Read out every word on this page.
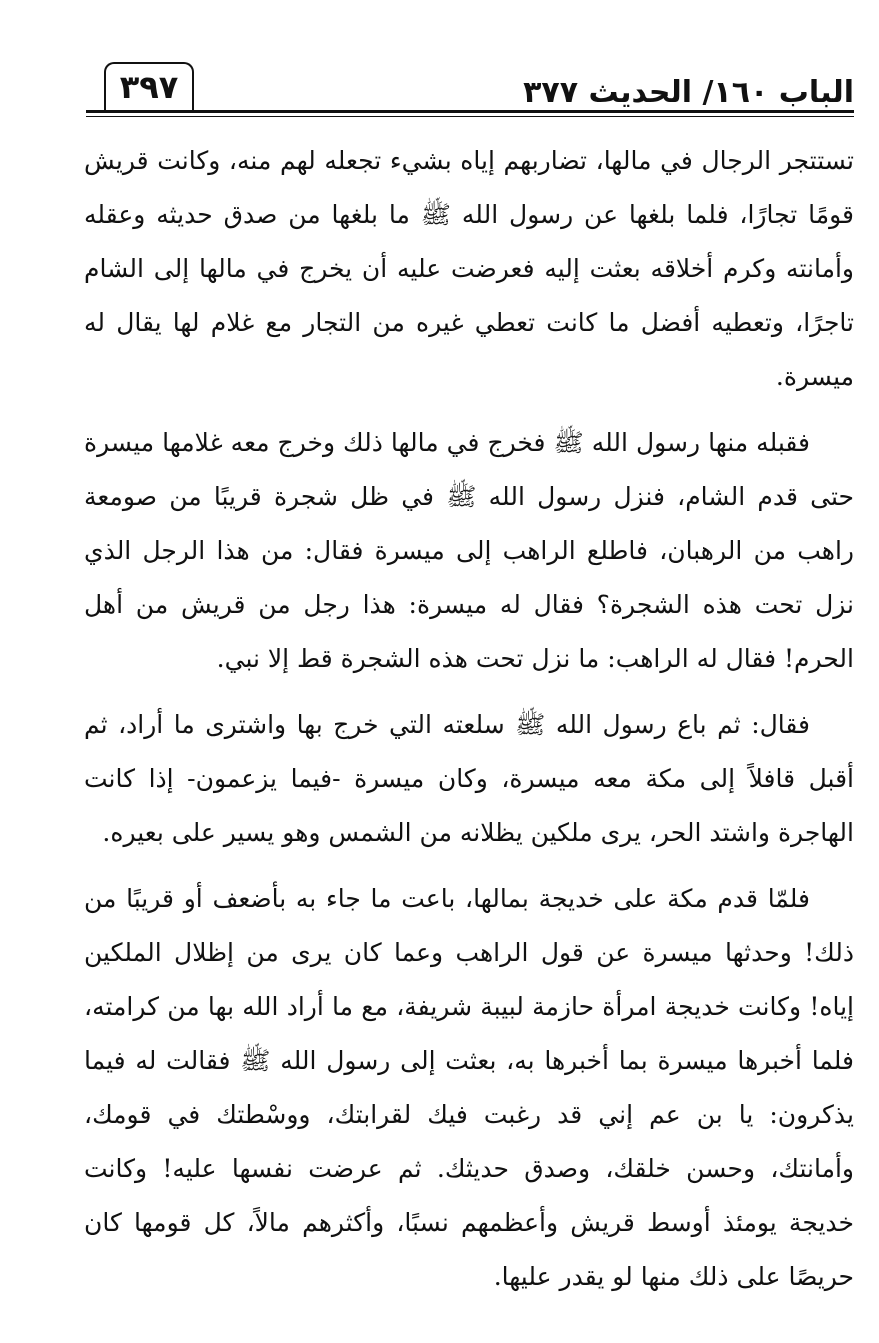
الباب ١٦٠/ الحديث ٣٧٧
٣٩٧

تستتجر الرجال في مالها، تضاربهم إياه بشيء تجعله لهم منه، وكانت قريش قومًا تجارًا، فلما بلغها عن رسول الله ﷺ ما بلغها من صدق حديثه وعقله وأمانته وكرم أخلاقه بعثت إليه فعرضت عليه أن يخرج في مالها إلى الشام تاجرًا، وتعطيه أفضل ما كانت تعطي غيره من التجار مع غلام لها يقال له ميسرة.

فقبله منها رسول الله ﷺ فخرج في مالها ذلك وخرج معه غلامها ميسرة حتى قدم الشام، فنزل رسول الله ﷺ في ظل شجرة قريبًا من صومعة راهب من الرهبان، فاطلع الراهب إلى ميسرة فقال: من هذا الرجل الذي نزل تحت هذه الشجرة؟ فقال له ميسرة: هذا رجل من قريش من أهل الحرم! فقال له الراهب: ما نزل تحت هذه الشجرة قط إلا نبي.

فقال: ثم باع رسول الله ﷺ سلعته التي خرج بها واشترى ما أراد، ثم أقبل قافلاً إلى مكة معه ميسرة، وكان ميسرة -فيما يزعمون- إذا كانت الهاجرة واشتد الحر، يرى ملكين يظلانه من الشمس وهو يسير على بعيره.

فلمّا قدم مكة على خديجة بمالها، باعت ما جاء به بأضعف أو قريبًا من ذلك! وحدثها ميسرة عن قول الراهب وعما كان يرى من إظلال الملكين إياه! وكانت خديجة امرأة حازمة لبيبة شريفة، مع ما أراد الله بها من كرامته، فلما أخبرها ميسرة بما أخبرها به، بعثت إلى رسول الله ﷺ فقالت له فيما يذكرون: يا بن عم إني قد رغبت فيك لقرابتك، ووسْطتك في قومك، وأمانتك، وحسن خلقك، وصدق حديثك. ثم عرضت نفسها عليه! وكانت خديجة يومئذ أوسط قريش وأعظمهم نسبًا، وأكثرهم مالاً، كل قومها كان حريصًا على ذلك منها لو يقدر عليها.
